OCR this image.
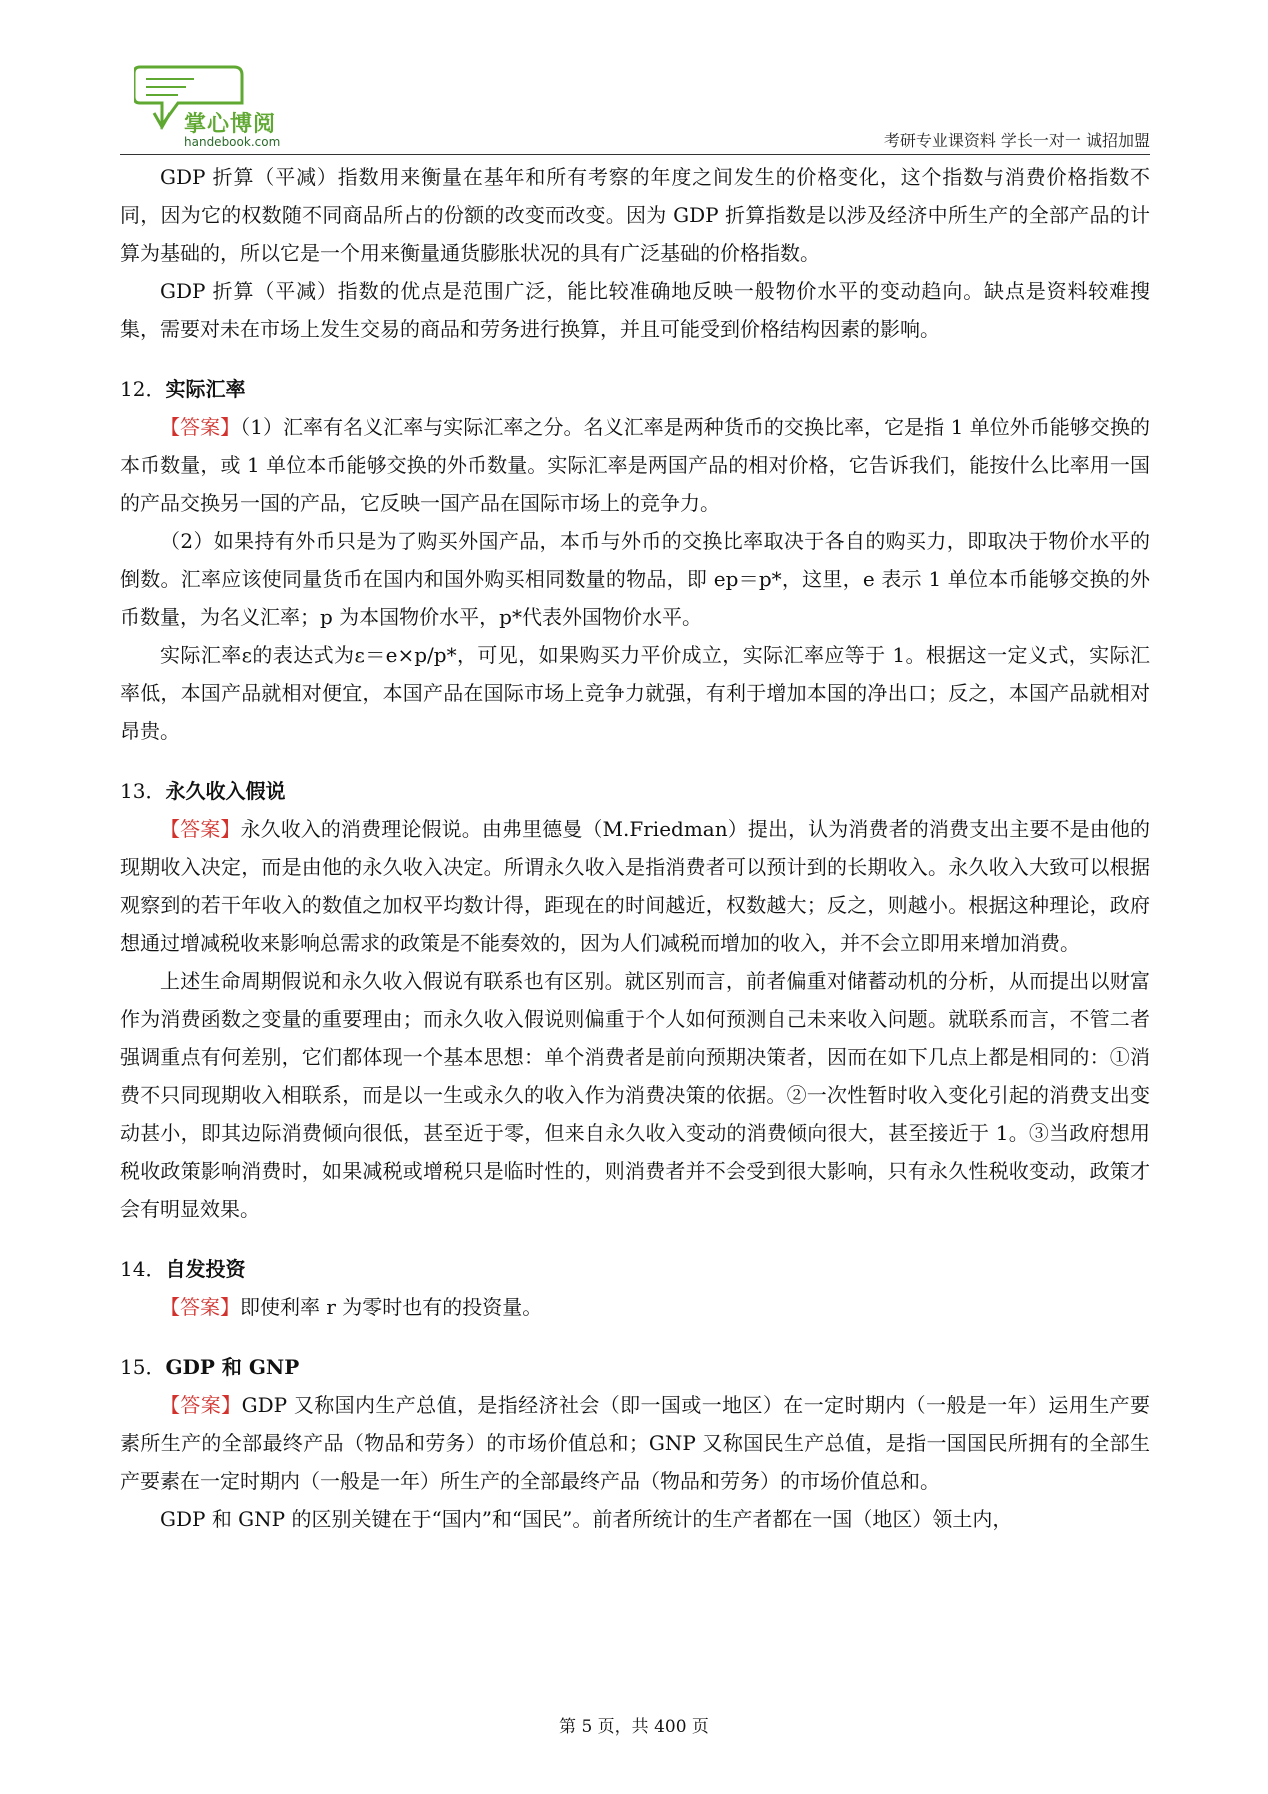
掌心博阅
handebook.com	考研专业课资料 学长一对一 诚招加盟

GDP 折算（平减）指数用来衡量在基年和所有考察的年度之间发生的价格变化，这个指数与消费价格指数不同，因为它的权数随不同商品所占的份额的改变而改变。因为 GDP 折算指数是以涉及经济中所生产的全部产品的计算为基础的，所以它是一个用来衡量通货膨胀状况的具有广泛基础的价格指数。

GDP 折算（平减）指数的优点是范围广泛，能比较准确地反映一般物价水平的变动趋向。缺点是资料较难搜集，需要对未在市场上发生交易的商品和劳务进行换算，并且可能受到价格结构因素的影响。

12．实际汇率

【答案】（1）汇率有名义汇率与实际汇率之分。名义汇率是两种货币的交换比率，它是指 1 单位外币能够交换的本币数量，或 1 单位本币能够交换的外币数量。实际汇率是两国产品的相对价格，它告诉我们，能按什么比率用一国的产品交换另一国的产品，它反映一国产品在国际市场上的竞争力。

（2）如果持有外币只是为了购买外国产品，本币与外币的交换比率取决于各自的购买力，即取决于物价水平的倒数。汇率应该使同量货币在国内和国外购买相同数量的物品，即 ep＝p*，这里，e 表示 1 单位本币能够交换的外币数量，为名义汇率；p 为本国物价水平，p*代表外国物价水平。

实际汇率ε的表达式为ε＝e×p/p*，可见，如果购买力平价成立，实际汇率应等于 1。根据这一定义式，实际汇率低，本国产品就相对便宜，本国产品在国际市场上竞争力就强，有利于增加本国的净出口；反之，本国产品就相对昂贵。

13．永久收入假说

【答案】永久收入的消费理论假说。由弗里德曼（M.Friedman）提出，认为消费者的消费支出主要不是由他的现期收入决定，而是由他的永久收入决定。所谓永久收入是指消费者可以预计到的长期收入。永久收入大致可以根据观察到的若干年收入的数值之加权平均数计得，距现在的时间越近，权数越大；反之，则越小。根据这种理论，政府想通过增减税收来影响总需求的政策是不能奏效的，因为人们减税而增加的收入，并不会立即用来增加消费。

上述生命周期假说和永久收入假说有联系也有区别。就区别而言，前者偏重对储蓄动机的分析，从而提出以财富作为消费函数之变量的重要理由；而永久收入假说则偏重于个人如何预测自己未来收入问题。就联系而言，不管二者强调重点有何差别，它们都体现一个基本思想：单个消费者是前向预期决策者，因而在如下几点上都是相同的：①消费不只同现期收入相联系，而是以一生或永久的收入作为消费决策的依据。②一次性暂时收入变化引起的消费支出变动甚小，即其边际消费倾向很低，甚至近于零，但来自永久收入变动的消费倾向很大，甚至接近于 1。③当政府想用税收政策影响消费时，如果减税或增税只是临时性的，则消费者并不会受到很大影响，只有永久性税收变动，政策才会有明显效果。

14．自发投资

【答案】即使利率 r 为零时也有的投资量。

15．GDP 和 GNP

【答案】GDP 又称国内生产总值，是指经济社会（即一国或一地区）在一定时期内（一般是一年）运用生产要素所生产的全部最终产品（物品和劳务）的市场价值总和；GNP 又称国民生产总值，是指一国国民所拥有的全部生产要素在一定时期内（一般是一年）所生产的全部最终产品（物品和劳务）的市场价值总和。

GDP 和 GNP 的区别关键在于“国内”和“国民”。前者所统计的生产者都在一国（地区）领土内，

第 5 页，共 400 页
